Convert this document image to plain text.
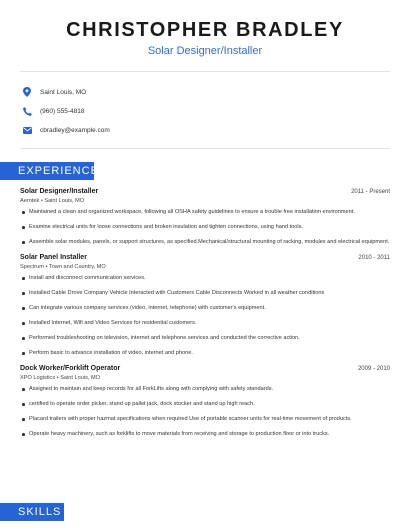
CHRISTOPHER BRADLEY
Solar Designer/Installer
Saint Louis, MO
(960) 555-4818
cbradley@example.com
EXPERIENCE
Solar Designer/Installer	2011 - Present
Aerotek • Saint Louis, MO
Maintained a clean and organized workspace, following all OSHA safety guidelines to ensure a trouble free installation environment.
Examine electrical units for loose connections and broken insulation and tighten connections, using hand tools.
Assemble solar modules, panels, or support structures, as specified.Mechanical/structural mounting of racking, modules and electrical equipment.
Solar Panel Installer	2010 - 2011
Spectrum • Town and Country, MO
Install and disconnect communication services.
Installed Cable Drove Company Vehicle Interacted with Customers Cable Disconnects Worked in all weather conditions
Can integrate various company services (video, internet, telephone) with customer's equipment.
Installed Internet, Wifi and Video Services for residential customers.
Performed troubleshooting on television, internet and telephone services and conducted the corrective action.
Perform basic to advance installation of video, internet and phone.
Dock Worker/Forklift Operator	2009 - 2010
XPO Logistics • Saint Louis, MO
Assigned to maintain and keep records for all ForkLifts along with complying with safety standards.
certified to operate order picker, stand up pallet jack, dock stocker and stand up high reach.
Placard trailers with proper hazmat specifications when required Use of portable scanner units for real-time movement of products.
Operate heavy machinery, such as forklifts to move materials from receiving and storage to production floor or into trucks.
SKILLS
